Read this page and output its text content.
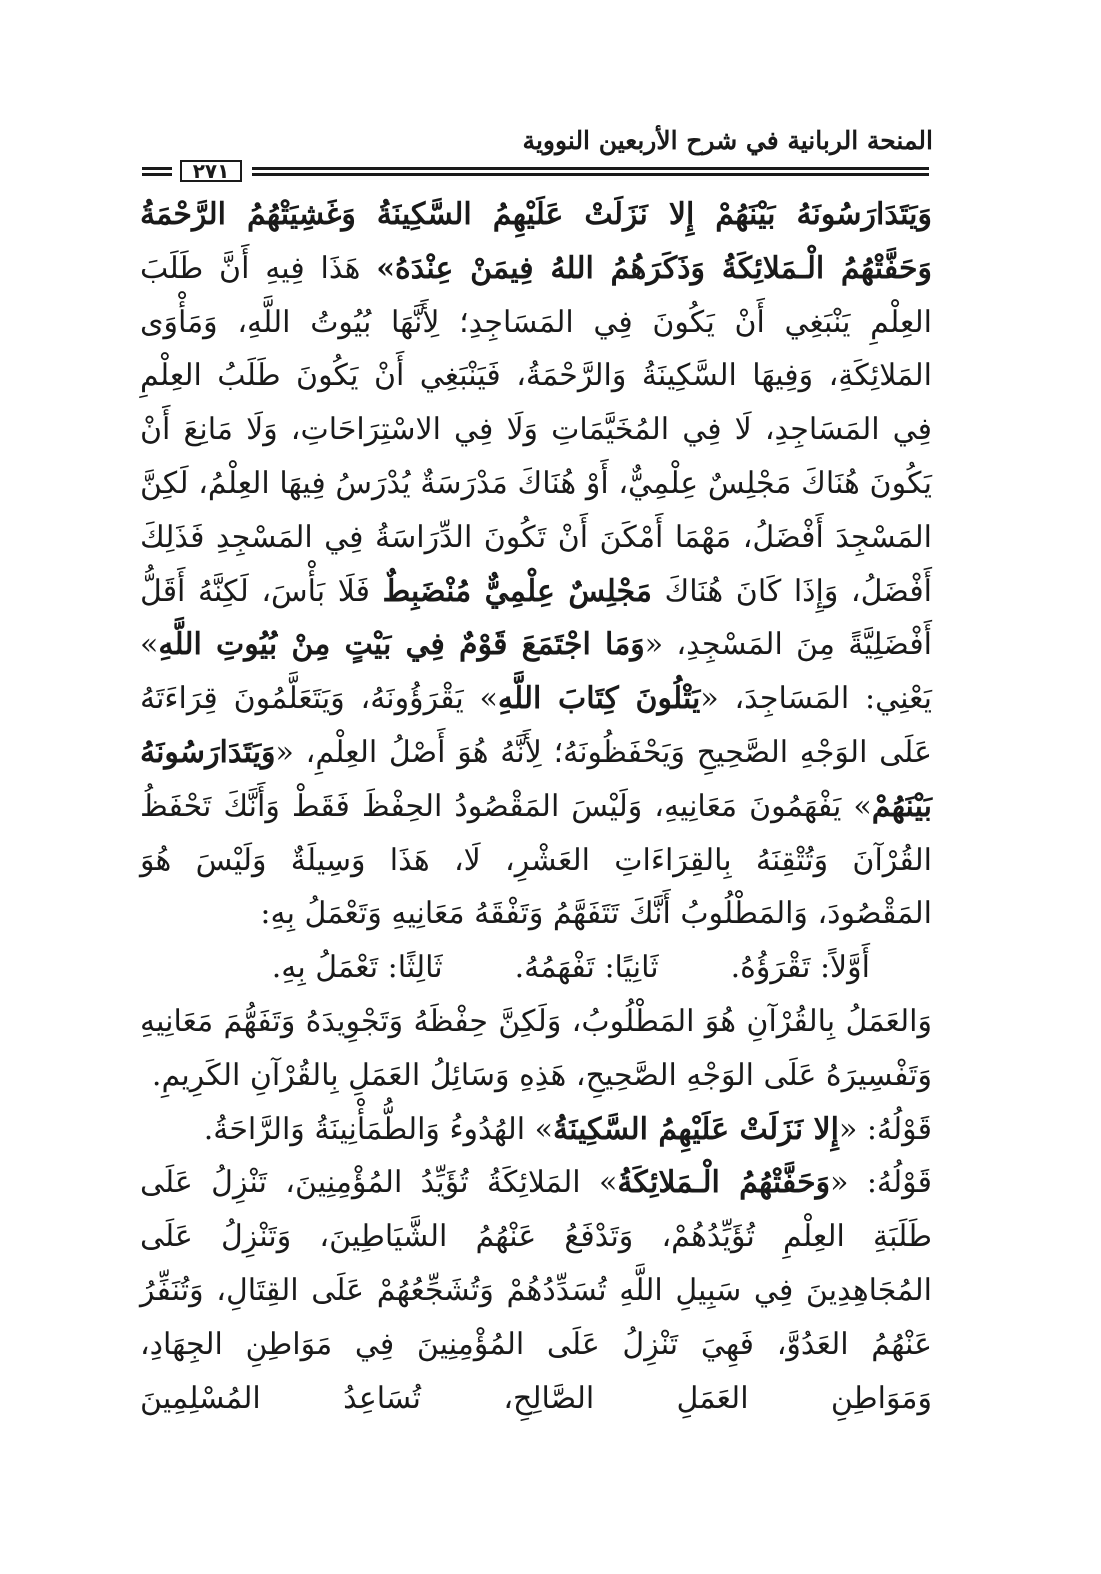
المنحة الربانية في شرح الأربعين النووية
٢٧١

وَيَتَدَارَسُونَهُ بَيْنَهُمْ إِلا نَزَلَتْ عَلَيْهِمُ السَّكِينَةُ وَغَشِيَتْهُمُ الرَّحْمَةُ وَحَفَّتْهُمُ الْـمَلائِكَةُ وَذَكَرَهُمُ اللهُ فِيمَنْ عِنْدَهُ» هَذَا فِيهِ أَنَّ طَلَبَ العِلْمِ يَنْبَغِي أَنْ يَكُونَ فِي المَسَاجِدِ؛ لِأَنَّهَا بُيُوتُ اللَّهِ، وَمَأْوَى المَلائِكَةِ، وَفِيهَا السَّكِينَةُ وَالرَّحْمَةُ، فَيَنْبَغِي أَنْ يَكُونَ طَلَبُ العِلْمِ فِي المَسَاجِدِ، لَا فِي المُخَيَّمَاتِ وَلَا فِي الاسْتِرَاحَاتِ، وَلَا مَانِعَ أَنْ يَكُونَ هُنَاكَ مَجْلِسٌ عِلْمِيٌّ، أَوْ هُنَاكَ مَدْرَسَةٌ يُدْرَسُ فِيهَا العِلْمُ، لَكِنَّ المَسْجِدَ أَفْضَلُ، مَهْمَا أَمْكَنَ أَنْ تَكُونَ الدِّرَاسَةُ فِي المَسْجِدِ فَذَلِكَ أَفْضَلُ، وَإِذَا كَانَ هُنَاكَ مَجْلِسٌ عِلْمِيٌّ مُنْضَبِطٌ فَلَا بَأْسَ، لَكِنَّهُ أَقَلُّ أَفْضَلِيَّةً مِنَ المَسْجِدِ، «وَمَا اجْتَمَعَ قَوْمٌ فِي بَيْتٍ مِنْ بُيُوتِ اللَّهِ» يَعْنِي: المَسَاجِدَ، «يَتْلُونَ كِتَابَ اللَّهِ» يَقْرَؤُونَهُ، وَيَتَعَلَّمُونَ قِرَاءَتَهُ عَلَى الوَجْهِ الصَّحِيحِ وَيَحْفَظُونَهُ؛ لِأَنَّهُ هُوَ أَصْلُ العِلْمِ، «وَيَتَدَارَسُونَهُ بَيْنَهُمْ» يَفْهَمُونَ مَعَانِيهِ، وَلَيْسَ المَقْصُودُ الحِفْظَ فَقَطْ وَأَنَّكَ تَحْفَظُ القُرْآنَ وَتُتْقِنَهُ بِالقِرَاءَاتِ العَشْرِ، لَا، هَذَا وَسِيلَةٌ وَلَيْسَ هُوَ المَقْصُودَ، وَالمَطْلُوبُ أَنَّكَ تَتَفَهَّمُ وَتَفْقَهُ مَعَانِيهِ وَتَعْمَلُ بِهِ:

أَوَّلاً: تَقْرَؤُهُ.
ثَانِيًا: تَفْهَمُهُ.
ثَالِثًا: تَعْمَلُ بِهِ.

وَالعَمَلُ بِالقُرْآنِ هُوَ المَطْلُوبُ، وَلَكِنَّ حِفْظَهُ وَتَجْوِيدَهُ وَتَفَهُّمَ مَعَانِيهِ وَتَفْسِيرَهُ عَلَى الوَجْهِ الصَّحِيحِ، هَذِهِ وَسَائِلُ العَمَلِ بِالقُرْآنِ الكَرِيمِ.

قَوْلُهُ: «إِلا نَزَلَتْ عَلَيْهِمُ السَّكِينَةُ» الهُدُوءُ وَالطُّمَأْنِينَةُ وَالرَّاحَةُ.

قَوْلُهُ: «وَحَفَّتْهُمُ الْـمَلائِكَةُ» المَلائِكَةُ تُؤَيِّدُ المُؤْمِنِينَ، تَنْزِلُ عَلَى طَلَبَةِ العِلْمِ تُؤَيِّدُهُمْ، وَتَدْفَعُ عَنْهُمُ الشَّيَاطِينَ، وَتَنْزِلُ عَلَى المُجَاهِدِينَ فِي سَبِيلِ اللَّهِ تُسَدِّدُهُمْ وَتُشَجِّعُهُمْ عَلَى القِتَالِ، وَتُنَفِّرُ عَنْهُمُ العَدُوَّ، فَهِيَ تَنْزِلُ عَلَى المُؤْمِنِينَ فِي مَوَاطِنِ الجِهَادِ، وَمَوَاطِنِ العَمَلِ الصَّالِحِ، تُسَاعِدُ المُسْلِمِينَ
